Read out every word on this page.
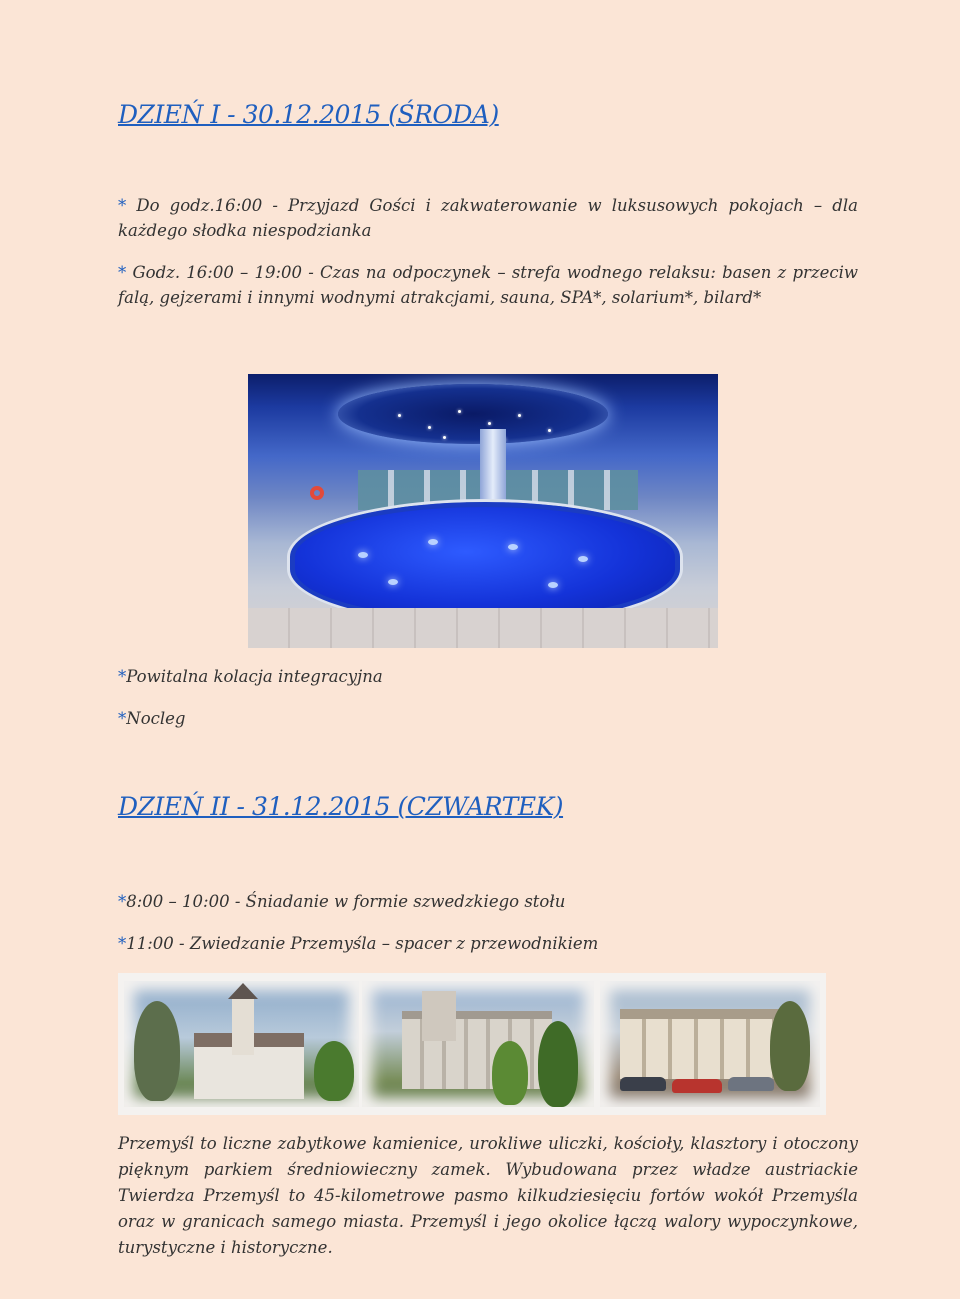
DZIEŃ I - 30.12.2015 (ŚRODA)
* Do godz.16:00 - Przyjazd Gości i zakwaterowanie w luksusowych pokojach – dla każdego słodka niespodzianka
* Godz. 16:00 – 19:00 - Czas na odpoczynek – strefa wodnego relaksu: basen z przeciw falą, gejzerami i innymi wodnymi atrakcjami, sauna, SPA*, solarium*, bilard*
*Powitalna kolacja integracyjna
*Nocleg
DZIEŃ II - 31.12.2015 (CZWARTEK)
*8:00 – 10:00 - Śniadanie w formie szwedzkiego stołu
*11:00 - Zwiedzanie Przemyśla – spacer z przewodnikiem
Przemyśl to liczne zabytkowe kamienice, urokliwe uliczki, kościoły, klasztory i otoczony pięknym parkiem średniowieczny zamek. Wybudowana przez władze austriackie Twierdza Przemyśl to 45-kilometrowe pasmo kilkudziesięciu fortów wokół Przemyśla oraz w granicach samego miasta. Przemyśl i jego okolice łączą walory wypoczynkowe, turystyczne i historyczne.
